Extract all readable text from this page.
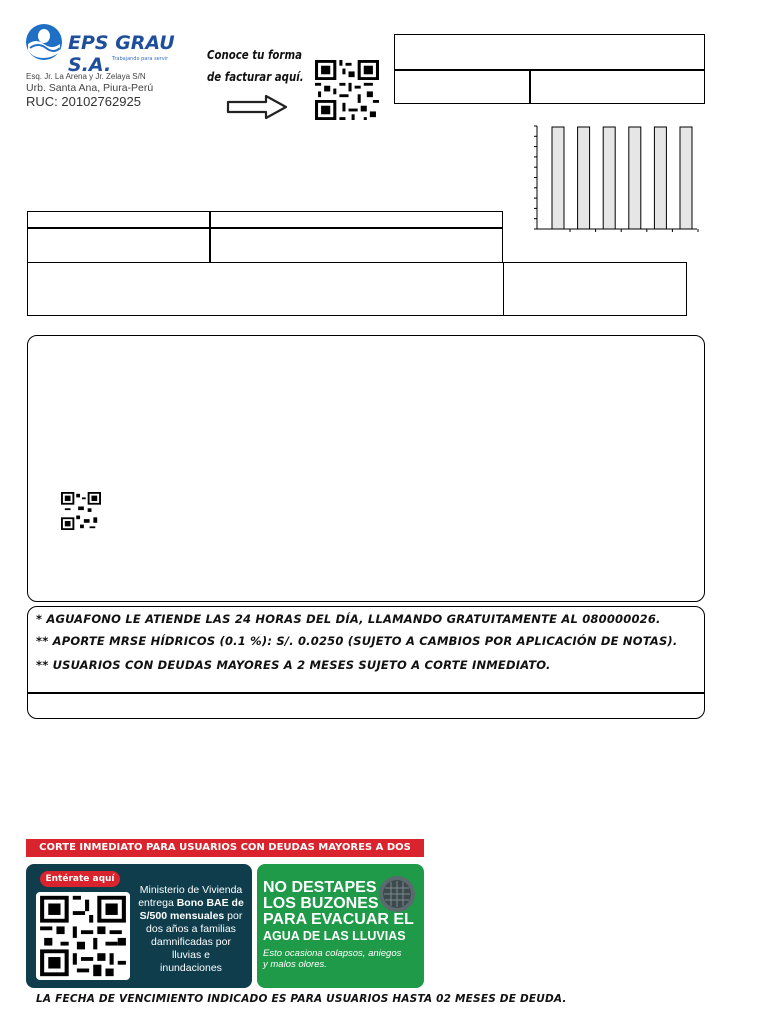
EPS GRAU S.A. Trabajando para servir
Esq. Jr. La Arena y Jr. Zelaya S/N
Urb. Santa Ana, Piura-Perú
RUC: 20102762925
Conoce tu forma
de facturar aquí.
* AGUAFONO LE ATIENDE LAS 24 HORAS DEL DÍA, LLAMANDO GRATUITAMENTE AL 080000026.
** APORTE MRSE HÍDRICOS (0.1 %): S/. 0.0250 (SUJETO A CAMBIOS POR APLICACIÓN DE NOTAS).
** USUARIOS CON DEUDAS MAYORES A 2 MESES SUJETO A CORTE INMEDIATO.
CORTE INMEDIATO PARA USUARIOS CON DEUDAS MAYORES A DOS
Entérate aquí
Ministerio de Vivienda
entrega Bono BAE de
S/500 mensuales por
dos años a familias
damnificadas por
lluvias e
inundaciones
NO DESTAPES
LOS BUZONES
PARA EVACUAR EL
AGUA DE LAS LLUVIAS
Esto ocasiona colapsos, aniegos
y malos olores.
LA FECHA DE VENCIMIENTO INDICADO ES PARA USUARIOS HASTA 02 MESES DE DEUDA.
